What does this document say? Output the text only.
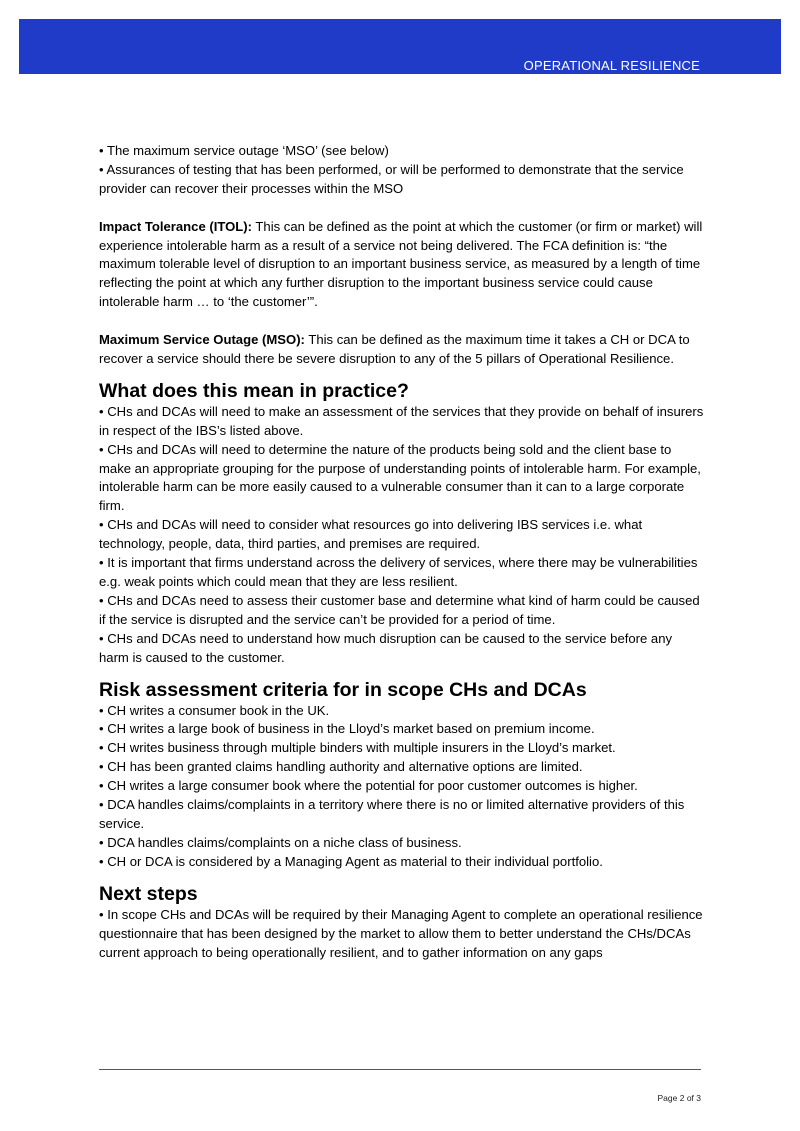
OPERATIONAL RESILIENCE

• The maximum service outage ‘MSO’ (see below)

• Assurances of testing that has been performed, or will be performed to demonstrate that the service provider can recover their processes within the MSO

Impact Tolerance (ITOL): This can be defined as the point at which the customer (or firm or market) will experience intolerable harm as a result of a service not being delivered. The FCA definition is: “the maximum tolerable level of disruption to an important business service, as measured by a length of time reflecting the point at which any further disruption to the important business service could cause intolerable harm … to ‘the customer’”.

Maximum Service Outage (MSO): This can be defined as the maximum time it takes a CH or DCA to recover a service should there be severe disruption to any of the 5 pillars of Operational Resilience.

What does this mean in practice?

• CHs and DCAs will need to make an assessment of the services that they provide on behalf of insurers in respect of the IBS’s listed above.

• CHs and DCAs will need to determine the nature of the products being sold and the client base to make an appropriate grouping for the purpose of understanding points of intolerable harm. For example, intolerable harm can be more easily caused to a vulnerable consumer than it can to a large corporate firm.

• CHs and DCAs will need to consider what resources go into delivering IBS services i.e. what technology, people, data, third parties, and premises are required.

• It is important that firms understand across the delivery of services, where there may be vulnerabilities e.g. weak points which could mean that they are less resilient.

• CHs and DCAs need to assess their customer base and determine what kind of harm could be caused if the service is disrupted and the service can’t be provided for a period of time.

• CHs and DCAs need to understand how much disruption can be caused to the service before any harm is caused to the customer.

Risk assessment criteria for in scope CHs and DCAs

• CH writes a consumer book in the UK.

• CH writes a large book of business in the Lloyd’s market based on premium income.

• CH writes business through multiple binders with multiple insurers in the Lloyd’s market.

• CH has been granted claims handling authority and alternative options are limited.

• CH writes a large consumer book where the potential for poor customer outcomes is higher.

• DCA handles claims/complaints in a territory where there is no or limited alternative providers of this service.

• DCA handles claims/complaints on a niche class of business.

• CH or DCA is considered by a Managing Agent as material to their individual portfolio.

Next steps

• In scope CHs and DCAs will be required by their Managing Agent to complete an operational resilience questionnaire that has been designed by the market to allow them to better understand the CHs/DCAs current approach to being operationally resilient, and to gather information on any gaps

Page 2 of 3
